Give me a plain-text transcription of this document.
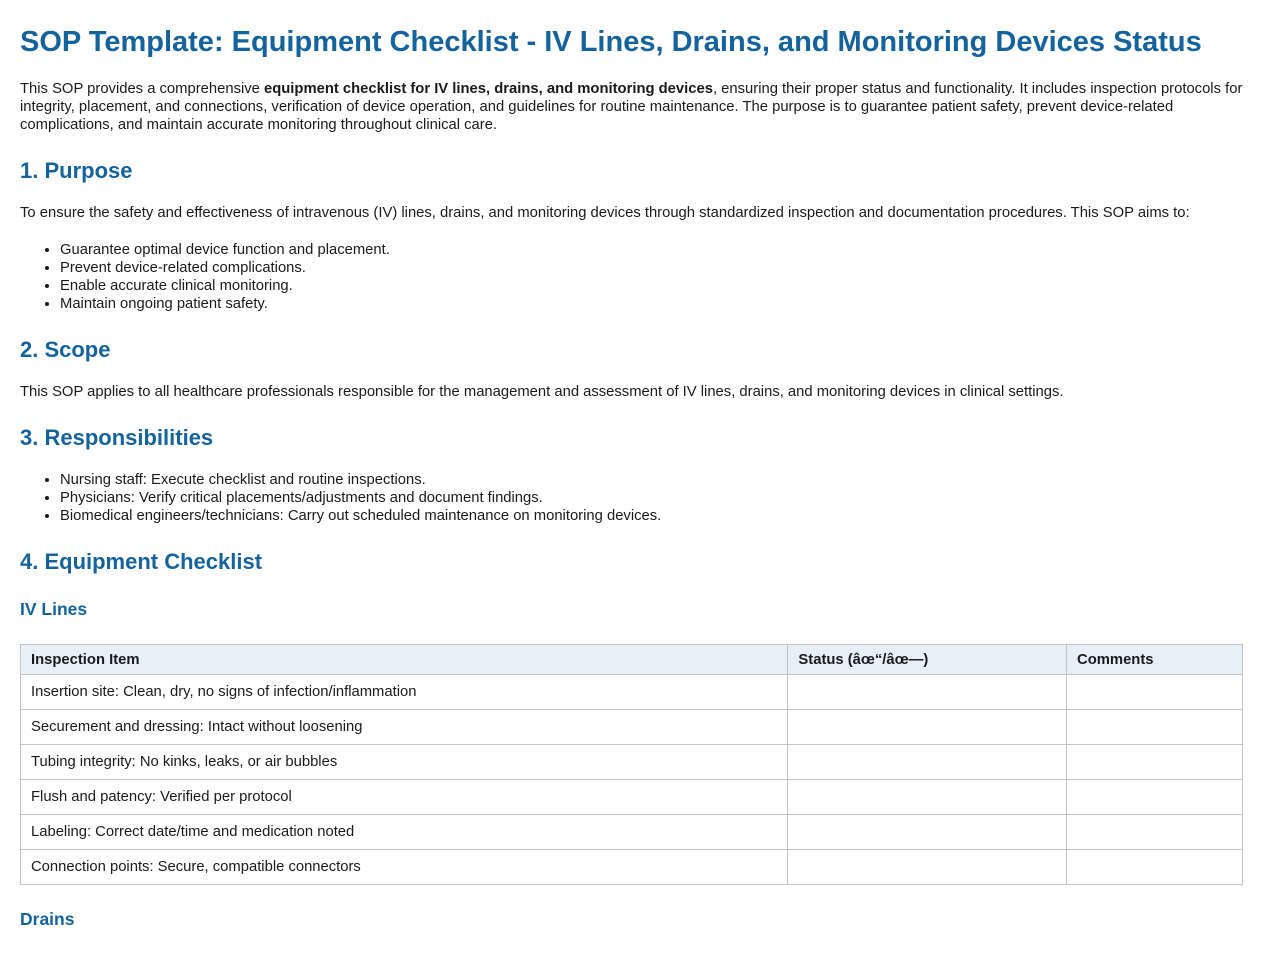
SOP Template: Equipment Checklist - IV Lines, Drains, and Monitoring Devices Status

This SOP provides a comprehensive equipment checklist for IV lines, drains, and monitoring devices, ensuring their proper status and functionality. It includes inspection protocols for integrity, placement, and connections, verification of device operation, and guidelines for routine maintenance. The purpose is to guarantee patient safety, prevent device-related complications, and maintain accurate monitoring throughout clinical care.

1. Purpose

To ensure the safety and effectiveness of intravenous (IV) lines, drains, and monitoring devices through standardized inspection and documentation procedures. This SOP aims to:

• Guarantee optimal device function and placement.
• Prevent device-related complications.
• Enable accurate clinical monitoring.
• Maintain ongoing patient safety.
2. Scope

This SOP applies to all healthcare professionals responsible for the management and assessment of IV lines, drains, and monitoring devices in clinical settings.

3. Responsibilities
• Nursing staff: Execute checklist and routine inspections.
• Physicians: Verify critical placements/adjustments and document findings.
• Biomedical engineers/technicians: Carry out scheduled maintenance on monitoring devices.
4. Equipment Checklist
IV Lines
Inspection Item	Status (âœ“/âœ—)	Comments
Insertion site: Clean, dry, no signs of infection/inflammation		
Securement and dressing: Intact without loosening		
Tubing integrity: No kinks, leaks, or air bubbles		
Flush and patency: Verified per protocol		
Labeling: Correct date/time and medication noted		
Connection points: Secure, compatible connectors		
Drains
